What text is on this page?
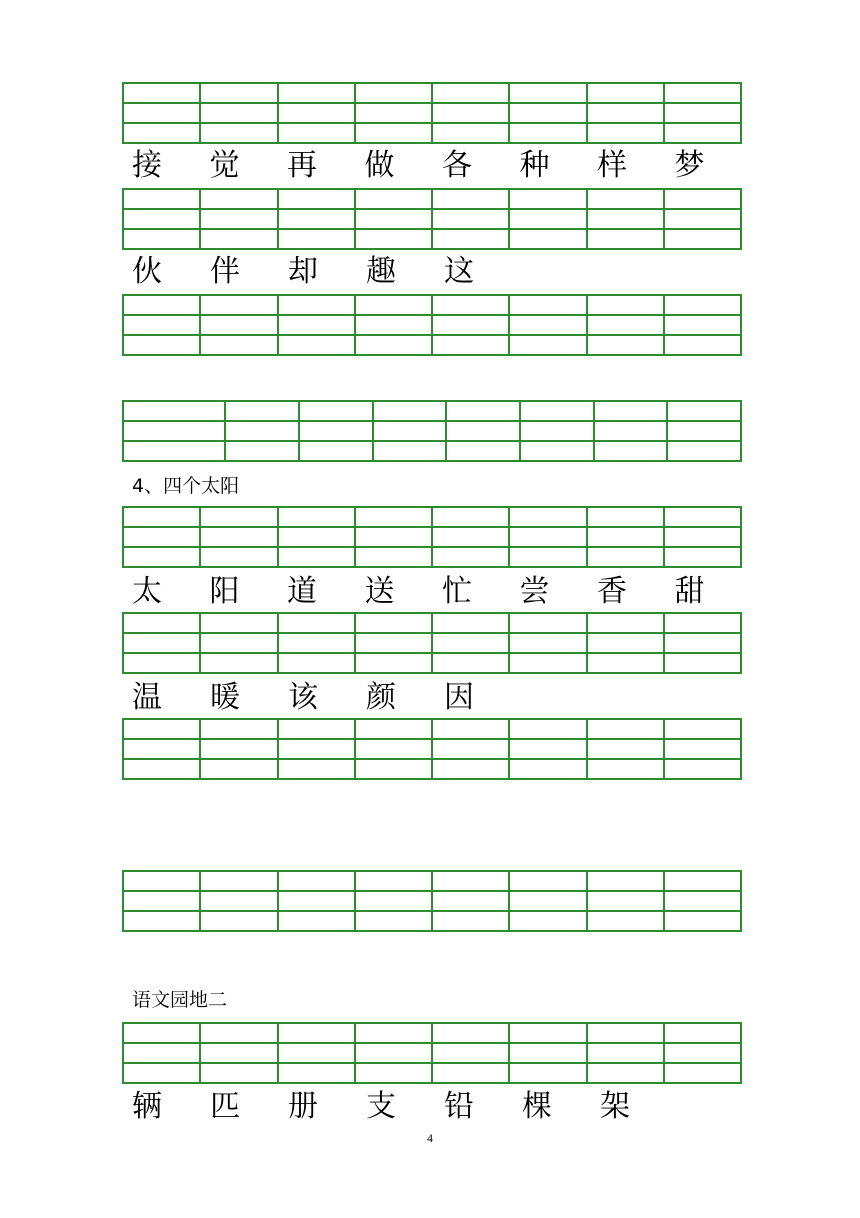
接	觉	再	做	各	种	样	梦
伙	伴	却	趣	这
4、四个太阳
太	阳	道	送	忙	尝	香	甜
温	暖	该	颜	因
语文园地二
辆	匹	册	支	铅	棵	架
4
